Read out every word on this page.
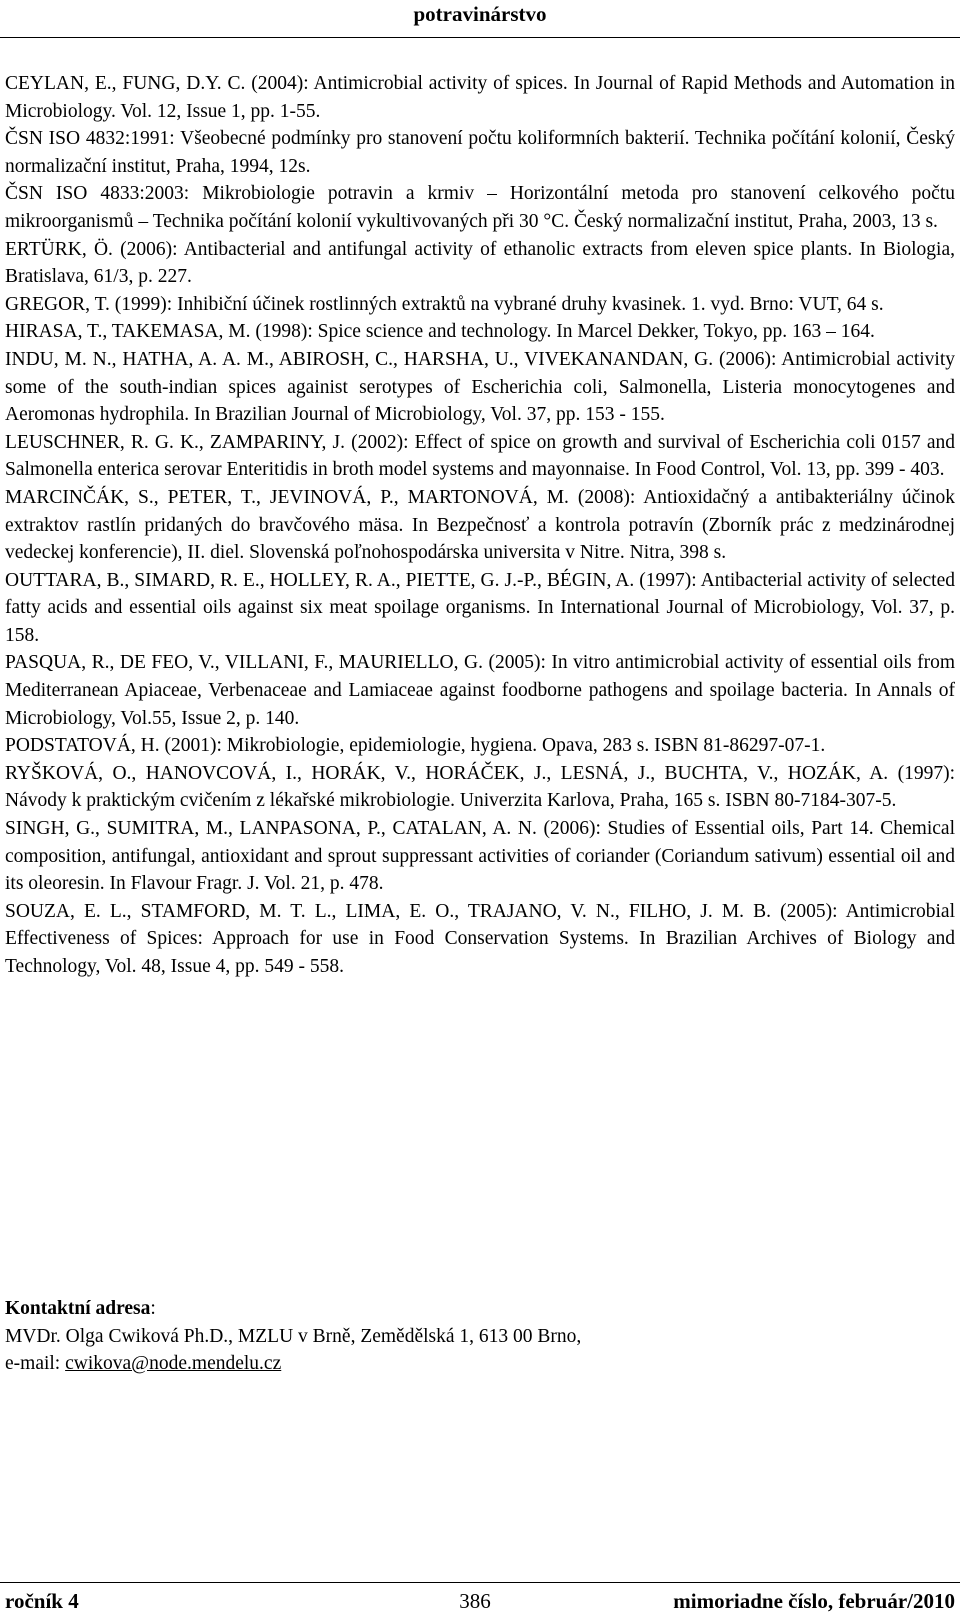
potravinárstvo

CEYLAN, E., FUNG, D.Y. C. (2004): Antimicrobial activity of spices. In Journal of Rapid Methods and Automation in Microbiology. Vol. 12, Issue 1, pp. 1-55.

ČSN ISO 4832:1991: Všeobecné podmínky pro stanovení počtu koliformních bakterií. Technika počítání kolonií, Český normalizační institut, Praha, 1994, 12s.

ČSN ISO 4833:2003: Mikrobiologie potravin a krmiv – Horizontální metoda pro stanovení celkového počtu mikroorganismů – Technika počítání kolonií vykultivovaných při 30 °C. Český normalizační institut, Praha, 2003, 13 s.

ERTÜRK, Ö. (2006): Antibacterial and antifungal activity of ethanolic extracts from eleven spice plants. In Biologia, Bratislava, 61/3, p. 227.

GREGOR, T. (1999): Inhibiční účinek rostlinných extraktů na vybrané druhy kvasinek. 1. vyd. Brno: VUT, 64 s.

HIRASA, T., TAKEMASA, M. (1998): Spice science and technology. In Marcel Dekker, Tokyo, pp. 163 – 164.

INDU, M. N., HATHA, A. A. M., ABIROSH, C., HARSHA, U., VIVEKANANDAN, G. (2006): Antimicrobial activity some of the south-indian spices againist serotypes of Escherichia coli, Salmonella, Listeria monocytogenes and Aeromonas hydrophila. In Brazilian Journal of Microbiology, Vol. 37, pp. 153 - 155.

LEUSCHNER, R. G. K., ZAMPARINY, J. (2002): Effect of spice on growth and survival of Escherichia coli 0157 and Salmonella enterica serovar Enteritidis in broth model systems and mayonnaise. In Food Control, Vol. 13, pp. 399 - 403.

MARCINČÁK, S., PETER, T., JEVINOVÁ, P., MARTONOVÁ, M. (2008): Antioxidačný a antibakteriálny účinok extraktov rastlín pridaných do bravčového mäsa. In Bezpečnosť a kontrola potravín (Zborník prác z medzinárodnej vedeckej konferencie), II. diel. Slovenská poľnohospodárska universita v Nitre. Nitra, 398 s.

OUTTARA, B., SIMARD, R. E., HOLLEY, R. A., PIETTE, G. J.-P., BÉGIN, A. (1997): Antibacterial activity of selected fatty acids and essential oils against six meat spoilage organisms. In International Journal of Microbiology, Vol. 37, p. 158.

PASQUA, R., DE FEO, V., VILLANI, F., MAURIELLO, G. (2005): In vitro antimicrobial activity of essential oils from Mediterranean Apiaceae, Verbenaceae and Lamiaceae against foodborne pathogens and spoilage bacteria. In Annals of Microbiology, Vol.55, Issue 2, p. 140.

PODSTATOVÁ, H. (2001): Mikrobiologie, epidemiologie, hygiena. Opava, 283 s. ISBN 81-86297-07-1.

RYŠKOVÁ, O., HANOVCOVÁ, I., HORÁK, V., HORÁČEK, J., LESNÁ, J., BUCHTA, V., HOZÁK, A. (1997): Návody k praktickým cvičením z lékařské mikrobiologie. Univerzita Karlova, Praha, 165 s. ISBN 80-7184-307-5.

SINGH, G., SUMITRA, M., LANPASONA, P., CATALAN, A. N. (2006): Studies of Essential oils, Part 14. Chemical composition, antifungal, antioxidant and sprout suppressant activities of coriander (Coriandum sativum) essential oil and its oleoresin. In Flavour Fragr. J. Vol. 21, p. 478.

SOUZA, E. L., STAMFORD, M. T. L., LIMA, E. O., TRAJANO, V. N., FILHO, J. M. B. (2005): Antimicrobial Effectiveness of Spices: Approach for use in Food Conservation Systems. In Brazilian Archives of Biology and Technology, Vol. 48, Issue 4, pp. 549 - 558.

Kontaktní adresa:

MVDr. Olga Cwiková Ph.D., MZLU v Brně, Zemědělská 1, 613 00 Brno,

e-mail: cwikova@node.mendelu.cz

ročník 4	386	mimoriadne číslo, február/2010
